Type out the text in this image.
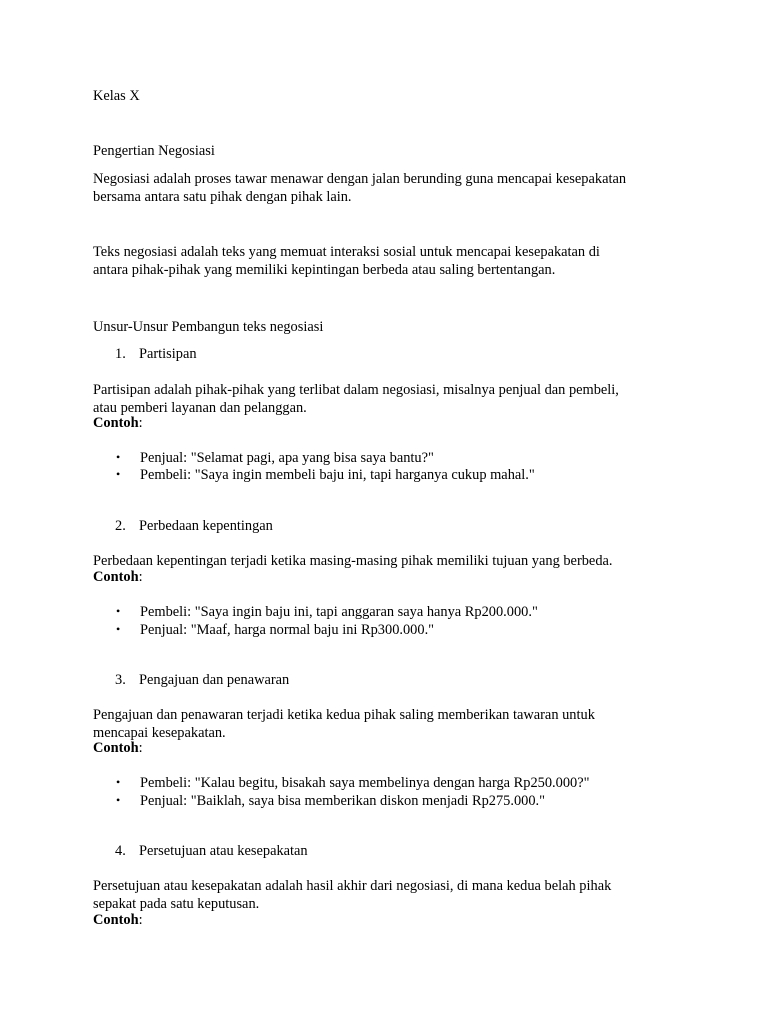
Kelas X
Pengertian Negosiasi
Negosiasi adalah proses tawar menawar dengan jalan berunding guna mencapai kesepakatan
bersama antara satu pihak dengan pihak lain.
Teks negosiasi adalah teks yang memuat interaksi sosial untuk mencapai kesepakatan di
antara pihak-pihak yang memiliki kepintingan berbeda atau saling bertentangan.
Unsur-Unsur Pembangun teks negosiasi
1. Partisipan
Partisipan adalah pihak-pihak yang terlibat dalam negosiasi, misalnya penjual dan pembeli,
atau pemberi layanan dan pelanggan.
Contoh:
• Penjual: "Selamat pagi, apa yang bisa saya bantu?"
• Pembeli: "Saya ingin membeli baju ini, tapi harganya cukup mahal."
2. Perbedaan kepentingan
Perbedaan kepentingan terjadi ketika masing-masing pihak memiliki tujuan yang berbeda.
Contoh:
• Pembeli: "Saya ingin baju ini, tapi anggaran saya hanya Rp200.000."
• Penjual: "Maaf, harga normal baju ini Rp300.000."
3. Pengajuan dan penawaran
Pengajuan dan penawaran terjadi ketika kedua pihak saling memberikan tawaran untuk
mencapai kesepakatan.
Contoh:
• Pembeli: "Kalau begitu, bisakah saya membelinya dengan harga Rp250.000?"
• Penjual: "Baiklah, saya bisa memberikan diskon menjadi Rp275.000."
4. Persetujuan atau kesepakatan
Persetujuan atau kesepakatan adalah hasil akhir dari negosiasi, di mana kedua belah pihak
sepakat pada satu keputusan.
Contoh:
